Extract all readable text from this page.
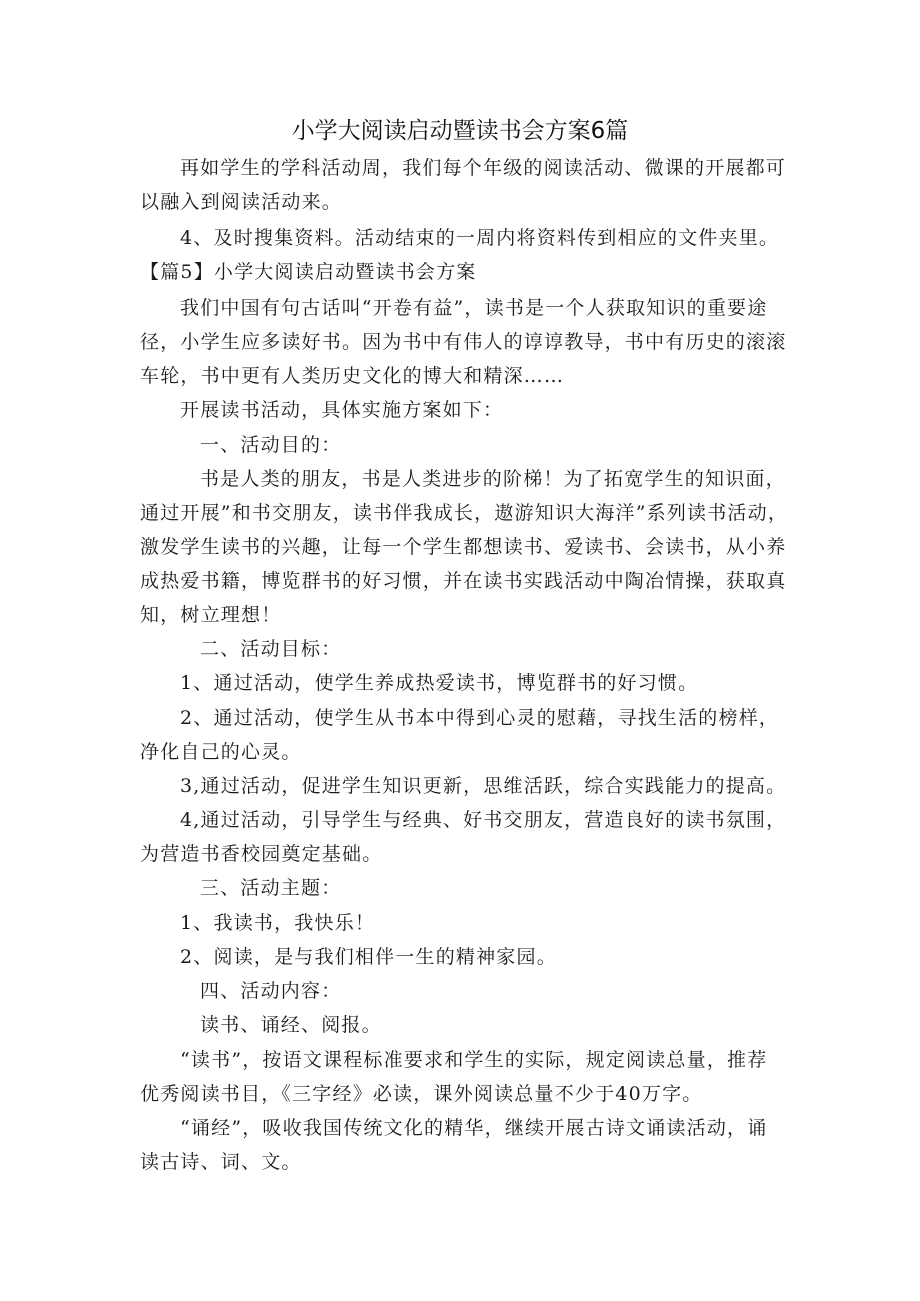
小学大阅读启动暨读书会方案6篇
再如学生的学科活动周，我们每个年级的阅读活动、微课的开展都可
以融入到阅读活动来。
4、及时搜集资料。活动结束的一周内将资料传到相应的文件夹里。
【篇5】小学大阅读启动暨读书会方案
我们中国有句古话叫“开卷有益”，读书是一个人获取知识的重要途
径，小学生应多读好书。因为书中有伟人的谆谆教导，书中有历史的滚滚
车轮，书中更有人类历史文化的博大和精深……
开展读书活动，具体实施方案如下：
一、活动目的：
书是人类的朋友，书是人类进步的阶梯！为了拓宽学生的知识面，
通过开展”和书交朋友，读书伴我成长，遨游知识大海洋”系列读书活动，
激发学生读书的兴趣，让每一个学生都想读书、爱读书、会读书，从小养
成热爱书籍，博览群书的好习惯，并在读书实践活动中陶冶情操，获取真
知，树立理想！
二、活动目标：
1、通过活动，使学生养成热爱读书，博览群书的好习惯。
2、通过活动，使学生从书本中得到心灵的慰藉，寻找生活的榜样，
净化自己的心灵。
3,通过活动，促进学生知识更新，思维活跃，综合实践能力的提高。
4,通过活动，引导学生与经典、好书交朋友，营造良好的读书氛围，
为营造书香校园奠定基础。
三、活动主题：
1、我读书，我快乐！
2、阅读，是与我们相伴一生的精神家园。
四、活动内容：
读书、诵经、阅报。
“读书”，按语文课程标准要求和学生的实际，规定阅读总量，推荐
优秀阅读书目，《三字经》必读，课外阅读总量不少于40万字。
“诵经”，吸收我国传统文化的精华，继续开展古诗文诵读活动，诵
读古诗、词、文。
